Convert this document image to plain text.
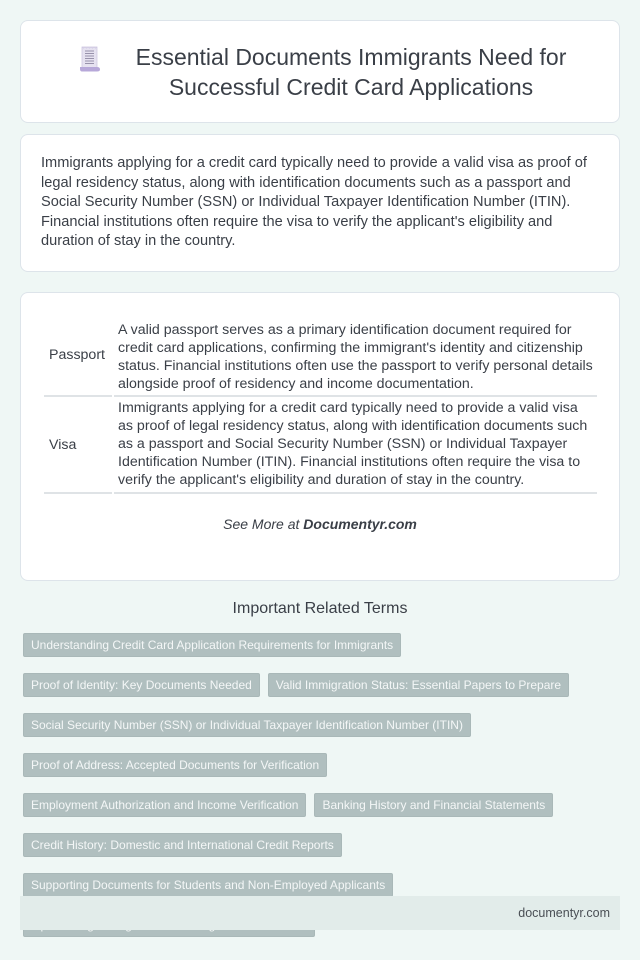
Essential Documents Immigrants Need for Successful Credit Card Applications

Immigrants applying for a credit card typically need to provide a valid visa as proof of legal residency status, along with identification documents such as a passport and Social Security Number (SSN) or Individual Taxpayer Identification Number (ITIN). Financial institutions often require the visa to verify the applicant's eligibility and duration of stay in the country.

Passport	A valid passport serves as a primary identification document required for credit card applications, confirming the immigrant's identity and citizenship status. Financial institutions often use the passport to verify personal details alongside proof of residency and income documentation.
Visa	Immigrants applying for a credit card typically need to provide a valid visa as proof of legal residency status, along with identification documents such as a passport and Social Security Number (SSN) or Individual Taxpayer Identification Number (ITIN). Financial institutions often require the visa to verify the applicant's eligibility and duration of stay in the country.
See More at Documentyr.com
Important Related Terms
Understanding Credit Card Application Requirements for Immigrants
Proof of Identity: Key Documents Needed	Valid Immigration Status: Essential Papers to Prepare
Social Security Number (SSN) or Individual Taxpayer Identification Number (ITIN)
Proof of Address: Accepted Documents for Verification
Employment Authorization and Income Verification	Banking History and Financial Statements
Credit History: Domestic and International Credit Reports
Supporting Documents for Students and Non-Employed Applicants
documentyr.com
